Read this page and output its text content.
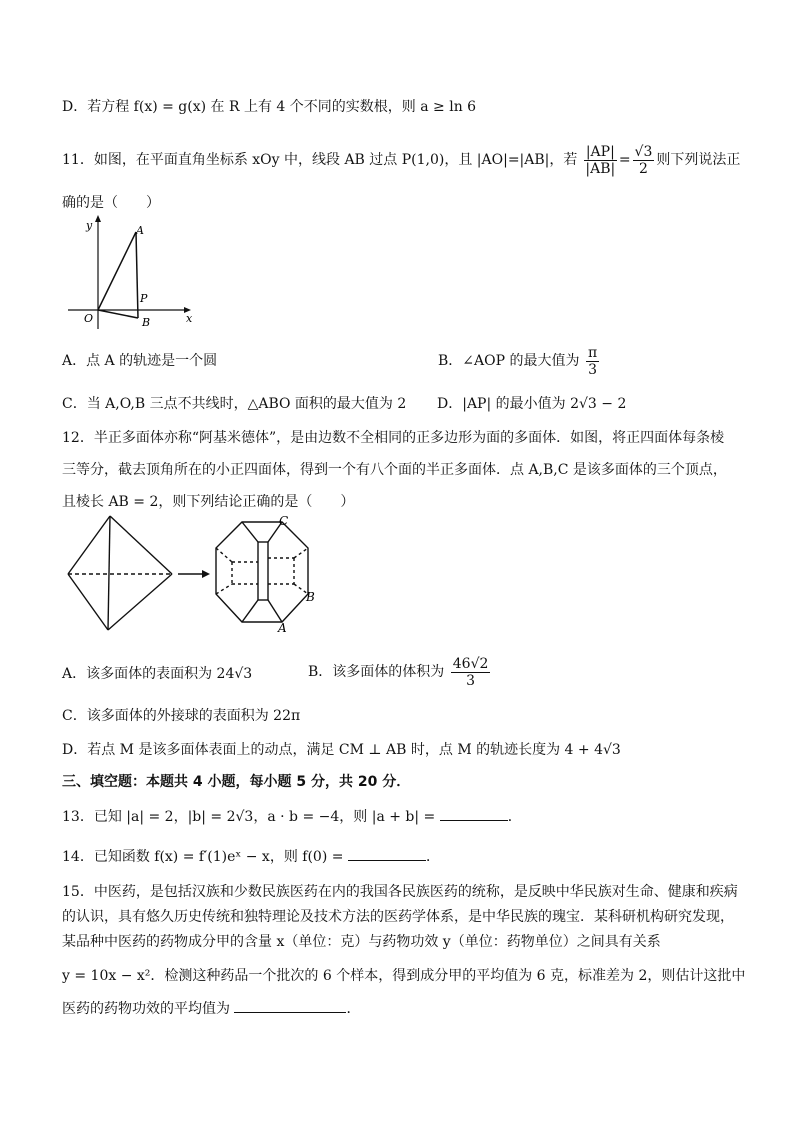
D．若方程 f(x) = g(x) 在 R 上有 4 个不同的实数根，则 a ≥ ln 6
11．如图，在平面直角坐标系 xOy 中，线段 AB 过点 P(1,0)，且 |AO|=|AB|，若 $\frac{|AP|}{|AB|} = \frac{√3}{2}$ 则下列说法正
确的是（　　）
y	A
P
O	x
B
A．点 A 的轨迹是一个圆	B．∠AOP 的最大值为 $\frac{\pi}{3}$
C．当 A,O,B 三点不共线时，△ABO 面积的最大值为 2 D．|AP| 的最小值为 2√3 − 2
12．半正多面体亦称“阿基米德体”，是由边数不全相同的正多边形为面的多面体．如图，将正四面体每条棱
三等分，截去顶角所在的小正四面体，得到一个有八个面的半正多面体．点 A,B,C 是该多面体的三个顶点，
且棱长 AB = 2，则下列结论正确的是（　　）
C
B
A
A．该多面体的表面积为 24√3	B．该多面体的体积为 $\frac{46√2}{3}$
C．该多面体的外接球的表面积为 22π
D．若点 M 是该多面体表面上的动点，满足 CM ⊥ AB 时，点 M 的轨迹长度为 4 + 4√3
三、填空题：本题共 4 小题，每小题 5 分，共 20 分．
13．已知 |a| = 2，|b| = 2√3，a · b = −4，则 |a + b| =	．
14．已知函数 f(x) = f′(1)eˣ − x，则 f(0) =	．
15．中医药，是包括汉族和少数民族医药在内的我国各民族医药的统称，是反映中华民族对生命、健康和疾病
的认识，具有悠久历史传统和独特理论及技术方法的医药学体系，是中华民族的瑰宝．某科研机构研究发现，
某品种中医药的药物成分甲的含量 x（单位：克）与药物功效 y（单位：药物单位）之间具有关系
y = 10x − x²．检测这种药品一个批次的 6 个样本，得到成分甲的平均值为 6 克，标准差为 2，则估计这批中
医药的药物功效的平均值为	．
